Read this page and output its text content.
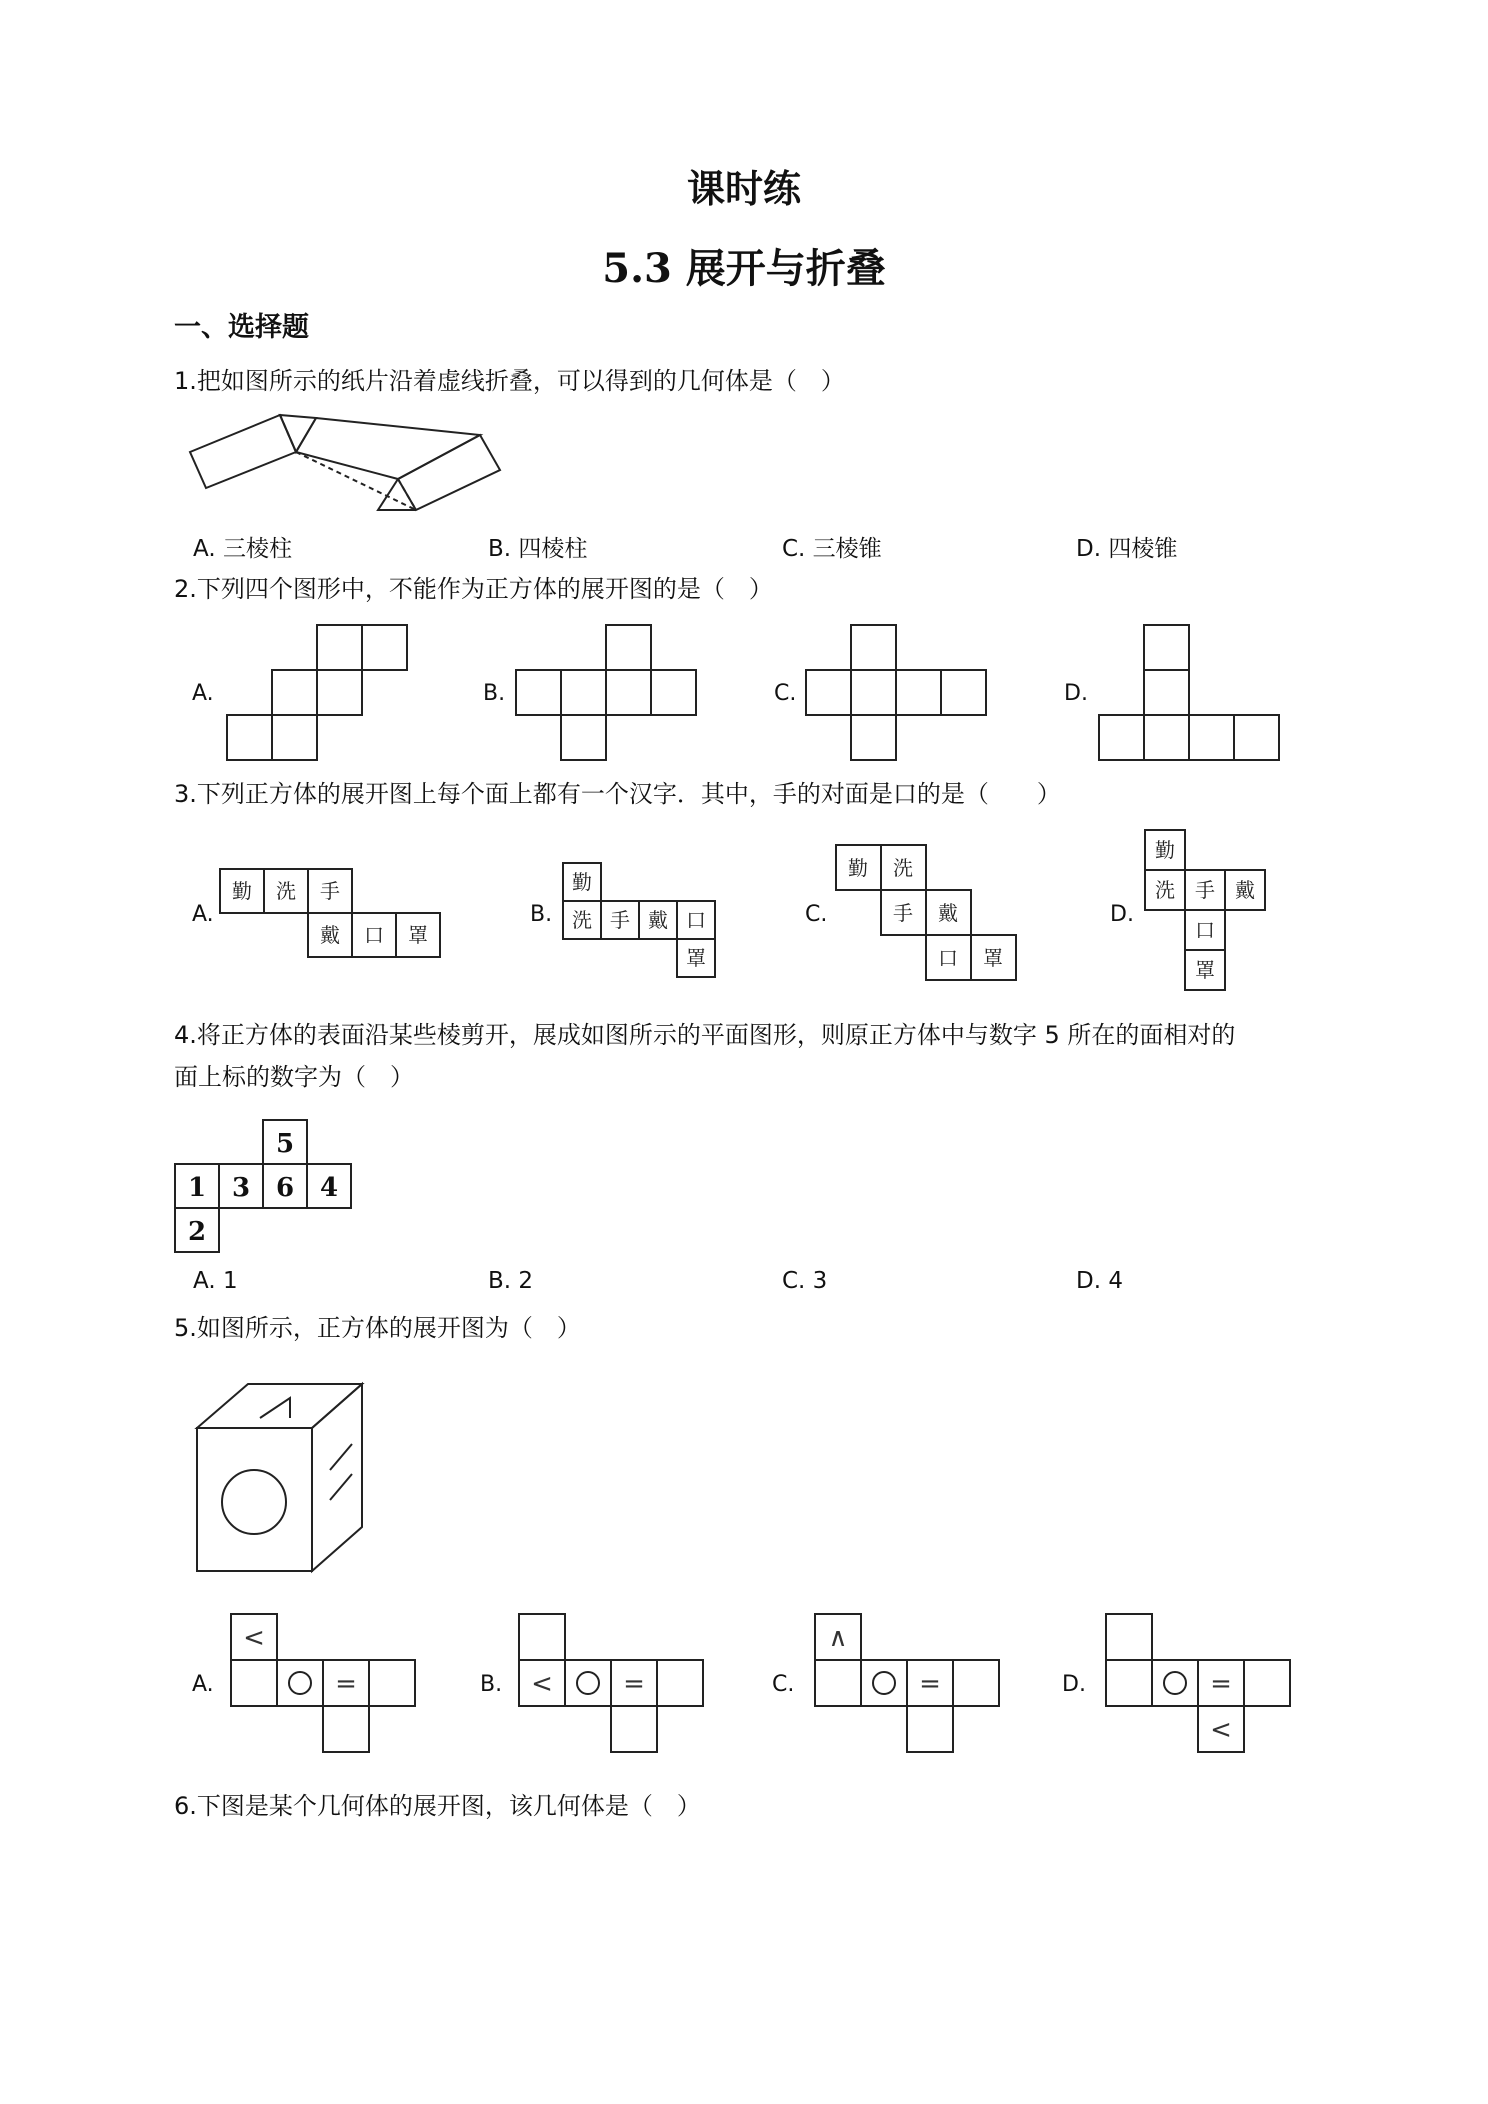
课时练
5.3 展开与折叠
一、选择题
1.把如图所示的纸片沿着虚线折叠，可以得到的几何体是（　）
A. 三棱柱	B. 四棱柱	C. 三棱锥	D. 四棱锥
2.下列四个图形中，不能作为正方体的展开图的是（　）
A.	B.	C.	D.
3.下列正方体的展开图上每个面上都有一个汉字．其中，手的对面是口的是（　　）
A.
勤 洗 手
戴 口 罩
B.
勤
洗 手 戴 口
罩
C.
勤 洗
手 戴
口 罩
D.
勤
洗 手 戴
口
罩
4.将正方体的表面沿某些棱剪开，展成如图所示的平面图形，则原正方体中与数字 5 所在的面相对的
面上标的数字为（　）
5
1 3 6 4
2
A. 1	B. 2	C. 3	D. 4
5.如图所示，正方体的展开图为（　）
A.
<
=	B. <	=	C.
∧
=	D.	=
<
6.下图是某个几何体的展开图，该几何体是（　）
